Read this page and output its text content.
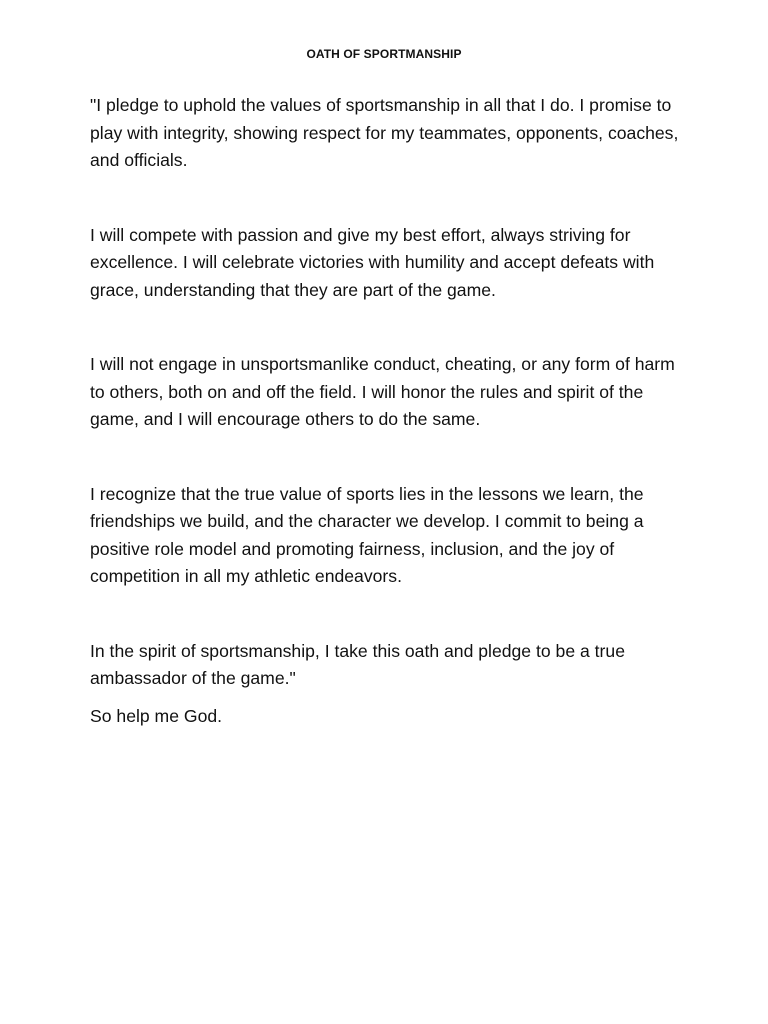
OATH OF SPORTMANSHIP

"I pledge to uphold the values of sportsmanship in all that I do. I promise to play with integrity, showing respect for my teammates, opponents, coaches, and officials.

I will compete with passion and give my best effort, always striving for excellence. I will celebrate victories with humility and accept defeats with grace, understanding that they are part of the game.

I will not engage in unsportsmanlike conduct, cheating, or any form of harm to others, both on and off the field. I will honor the rules and spirit of the game, and I will encourage others to do the same.

I recognize that the true value of sports lies in the lessons we learn, the friendships we build, and the character we develop. I commit to being a positive role model and promoting fairness, inclusion, and the joy of competition in all my athletic endeavors.

In the spirit of sportsmanship, I take this oath and pledge to be a true ambassador of the game."

So help me God.
